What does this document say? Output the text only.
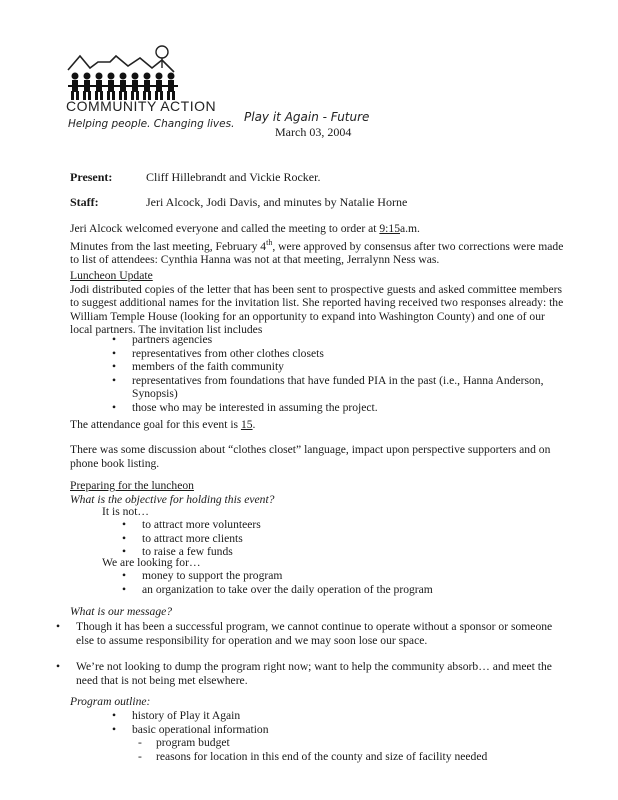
COMMUNITY ACTION
Helping people. Changing lives. Play it Again - Future
March 03, 2004
Present:	Cliff Hillebrandt and Vickie Rocker.
Staff:	Jeri Alcock, Jodi Davis, and minutes by Natalie Horne
Jeri Alcock welcomed everyone and called the meeting to order at 9:15a.m.
Minutes from the last meeting, February 4th, were approved by consensus after two corrections were made to list of attendees: Cynthia Hanna was not at that meeting, Jerralynn Ness was.
Luncheon Update
Jodi distributed copies of the letter that has been sent to prospective guests and asked committee members to suggest additional names for the invitation list. She reported having received two responses already: the William Temple House (looking for an opportunity to expand into Washington County) and one of our local partners. The invitation list includes
• partners agencies
• representatives from other clothes closets
• members of the faith community
• representatives from foundations that have funded PIA in the past (i.e., Hanna Anderson, Synopsis)
• those who may be interested in assuming the project.
The attendance goal for this event is 15.
There was some discussion about “clothes closet” language, impact upon perspective supporters and on phone book listing.
Preparing for the luncheon
What is the objective for holding this event?
It is not…
• to attract more volunteers
• to attract more clients
• to raise a few funds
We are looking for…
• money to support the program
• an organization to take over the daily operation of the program
What is our message?
• Though it has been a successful program, we cannot continue to operate without a sponsor or someone else to assume responsibility for operation and we may soon lose our space.
• We’re not looking to dump the program right now; want to help the community absorb… and meet the need that is not being met elsewhere.
Program outline:
• history of Play it Again
• basic operational information
- program budget
- reasons for location in this end of the county and size of facility needed
